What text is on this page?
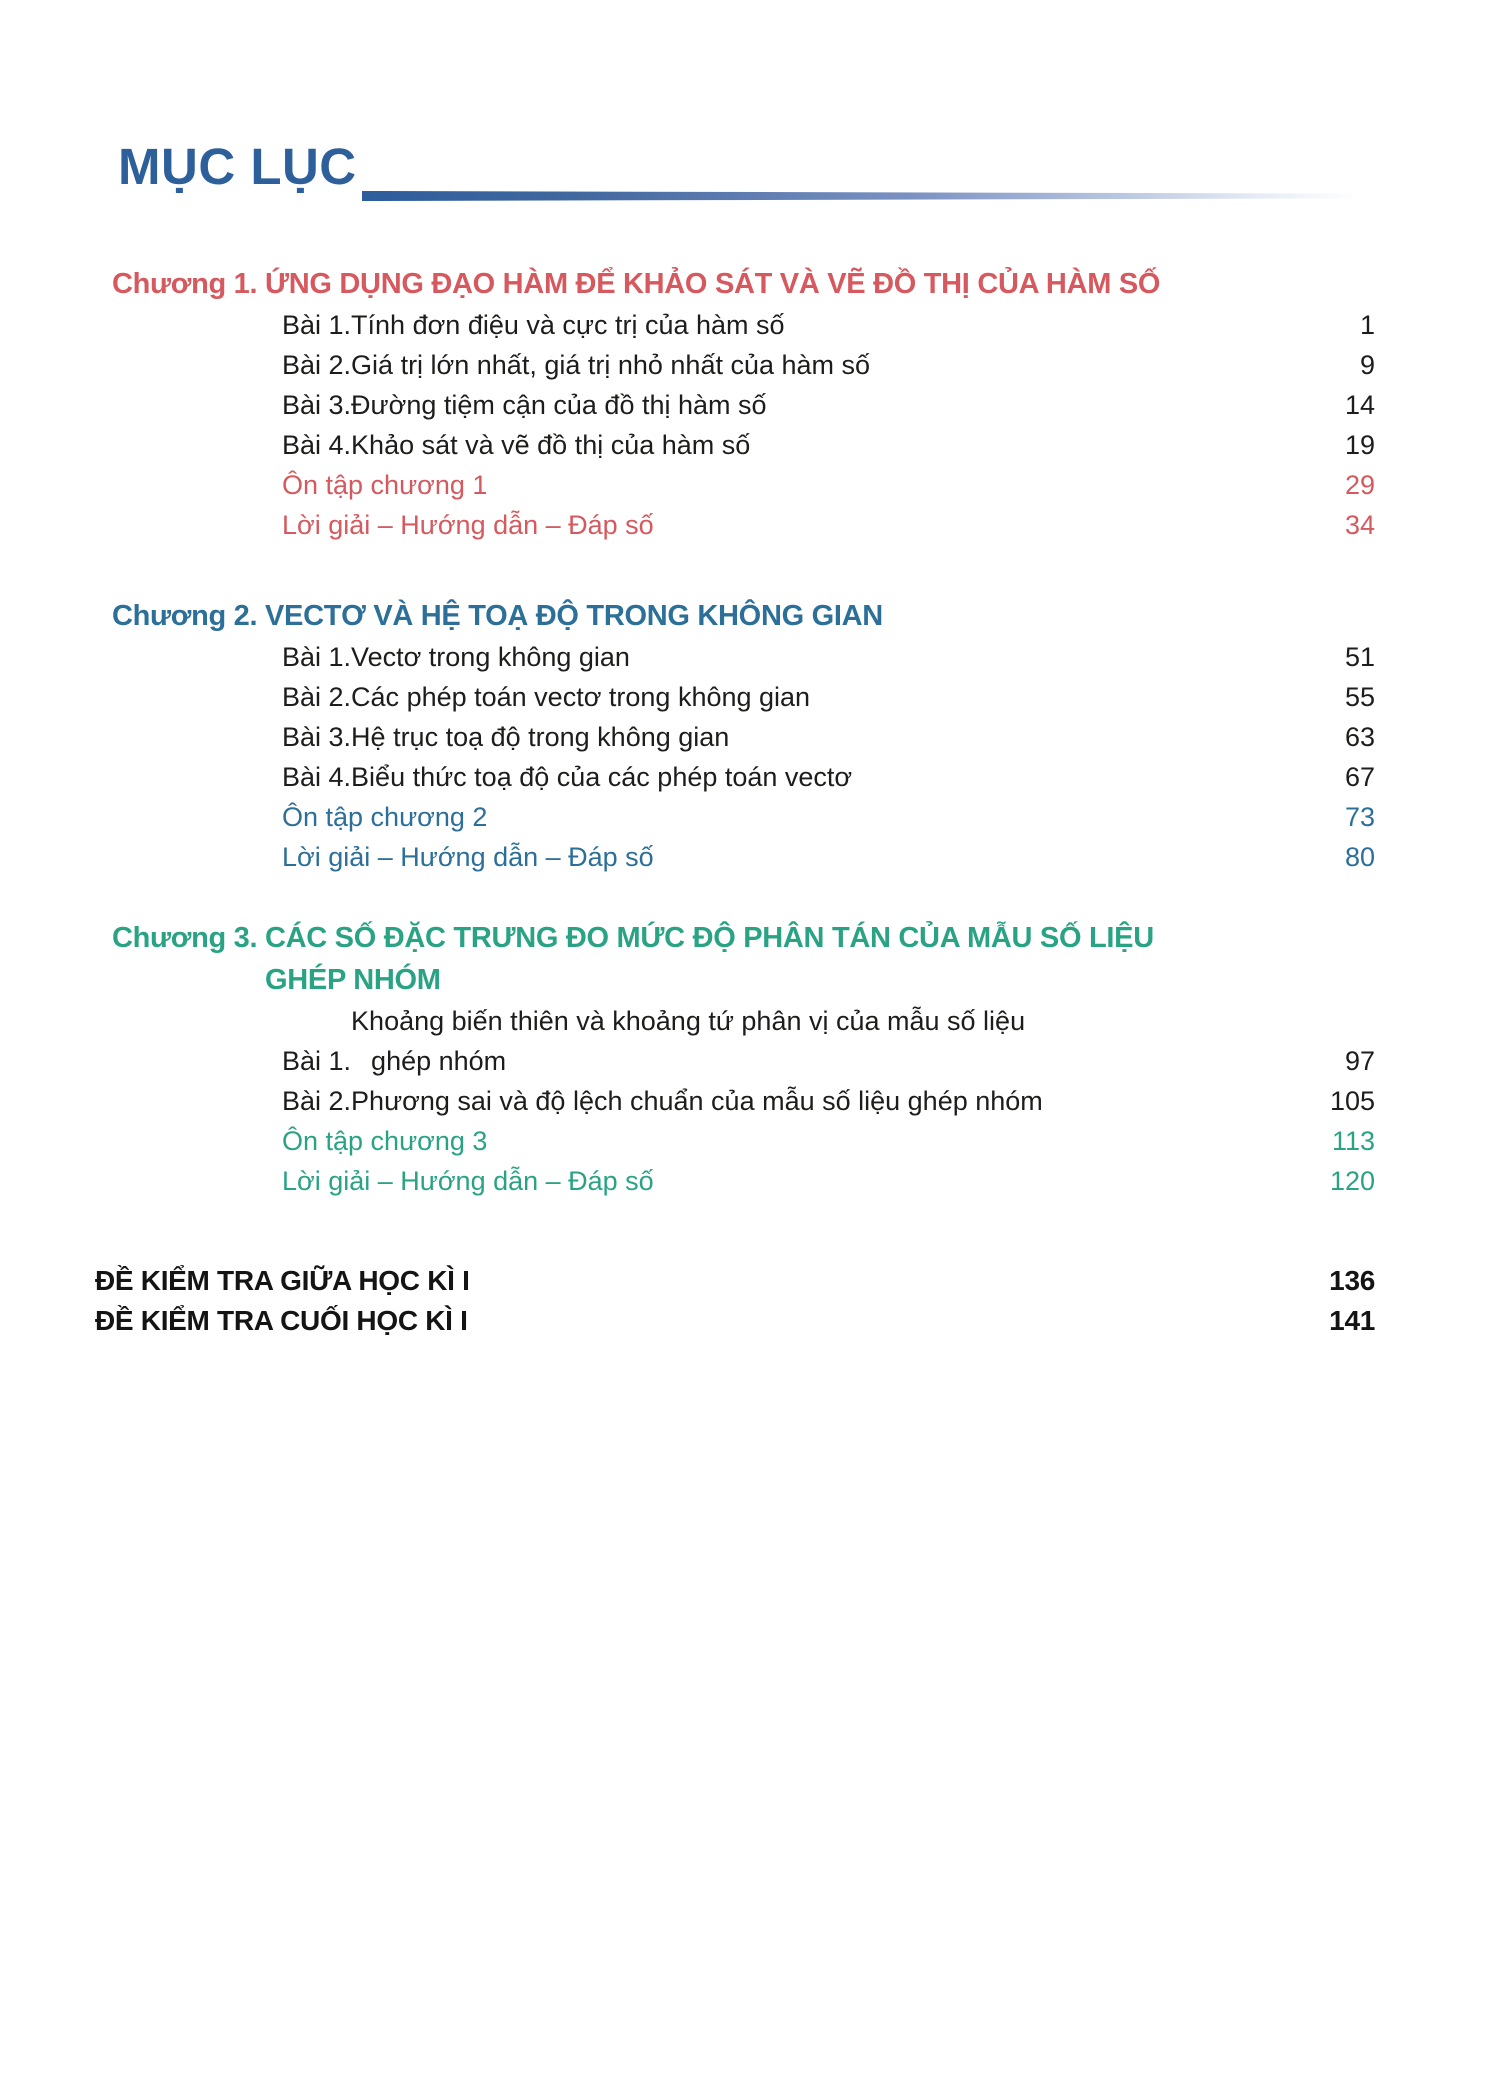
MỤC LỤC
Chương 1. ỨNG DỤNG ĐẠO HÀM ĐỂ KHẢO SÁT VÀ VẼ ĐỒ THỊ CỦA HÀM SỐ
Bài 1. Tính đơn điệu và cực trị của hàm số	1
Bài 2. Giá trị lớn nhất, giá trị nhỏ nhất của hàm số	9
Bài 3. Đường tiệm cận của đồ thị hàm số	14
Bài 4. Khảo sát và vẽ đồ thị của hàm số	19
Ôn tập chương 1	29
Lời giải – Hướng dẫn – Đáp số	34
Chương 2. VECTƠ VÀ HỆ TOẠ ĐỘ TRONG KHÔNG GIAN
Bài 1. Vectơ trong không gian	51
Bài 2. Các phép toán vectơ trong không gian	55
Bài 3. Hệ trục toạ độ trong không gian	63
Bài 4. Biểu thức toạ độ của các phép toán vectơ	67
Ôn tập chương 2	73
Lời giải – Hướng dẫn – Đáp số	80
Chương 3. CÁC SỐ ĐẶC TRƯNG ĐO MỨC ĐỘ PHÂN TÁN CỦA MẪU SỐ LIỆU
GHÉP NHÓM
Bài 1.
Khoảng biến thiên và khoảng tứ phân vị của mẫu số liệu
ghép nhóm	97
Bài 2. Phương sai và độ lệch chuẩn của mẫu số liệu ghép nhóm	105
Ôn tập chương 3	113
Lời giải – Hướng dẫn – Đáp số	120
ĐỀ KIỂM TRA GIỮA HỌC KÌ I	136
ĐỀ KIỂM TRA CUỐI HỌC KÌ I	141
